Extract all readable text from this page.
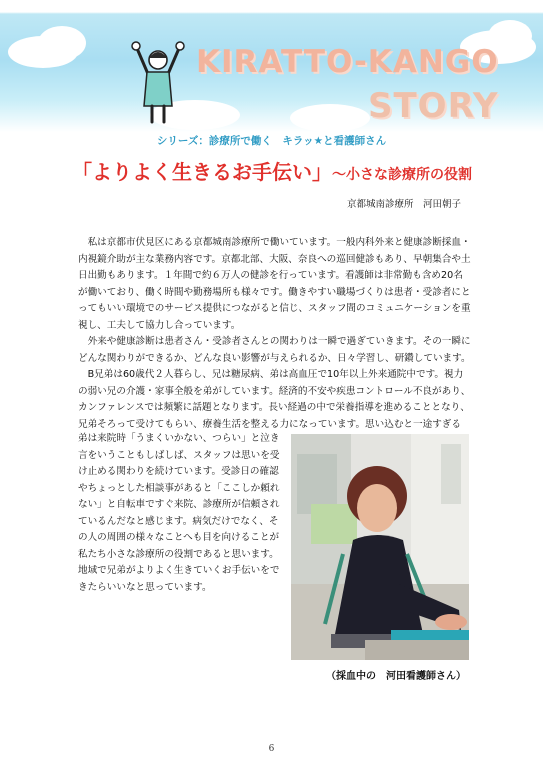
KIRATTO-KANGO
STORY
シリーズ：診療所で働く　キラッ★と看護師さん
「よりよく生きるお手伝い」～小さな診療所の役割
京都城南診療所　河田朝子

私は京都市伏見区にある京都城南診療所で働いています。一般内科外来と健康診断採血・内視鏡介助が主な業務内容です。京都北部、大阪、奈良への巡回健診もあり、早朝集合や土日出勤もあります。１年間で約６万人の健診を行っています。看護師は非常勤も含め20名が働いており、働く時間や勤務場所も様々です。働きやすい職場づくりは患者・受診者にとってもいい環境でのサービス提供につながると信じ、スタッフ間のコミュニケーションを重視し、工夫して協力し合っています。

外来や健康診断は患者さん・受診者さんとの関わりは一瞬で過ぎていきます。その一瞬にどんな関わりができるか、どんな良い影響が与えられるか、日々学習し、研鑽しています。

B兄弟は60歳代２人暮らし、兄は糖尿病、弟は高血圧で10年以上外来通院中です。視力の弱い兄の介護・家事全般を弟がしています。経済的不安や疾患コントロール不良があり、カンファレンスでは頻繁に話題となります。長い経過の中で栄養指導を進めることとなり、兄弟そろって受けてもらい、療養生活を整える力になっています。思い込むと一途すぎる

弟は来院時「うまくいかない、つらい」と泣き言をいうこともしばしば、スタッフは思いを受け止める関わりを続けています。受診日の確認やちょっとした相談事があると「ここしか頼れない」と自転車ですぐ来院、診療所が信頼されているんだなと感じます。病気だけでなく、その人の周囲の様々なことへも目を向けることが私たち小さな診療所の役割であると思います。地域で兄弟がよりよく生きていくお手伝いをできたらいいなと思っています。
（採血中の　河田看護師さん）
6
